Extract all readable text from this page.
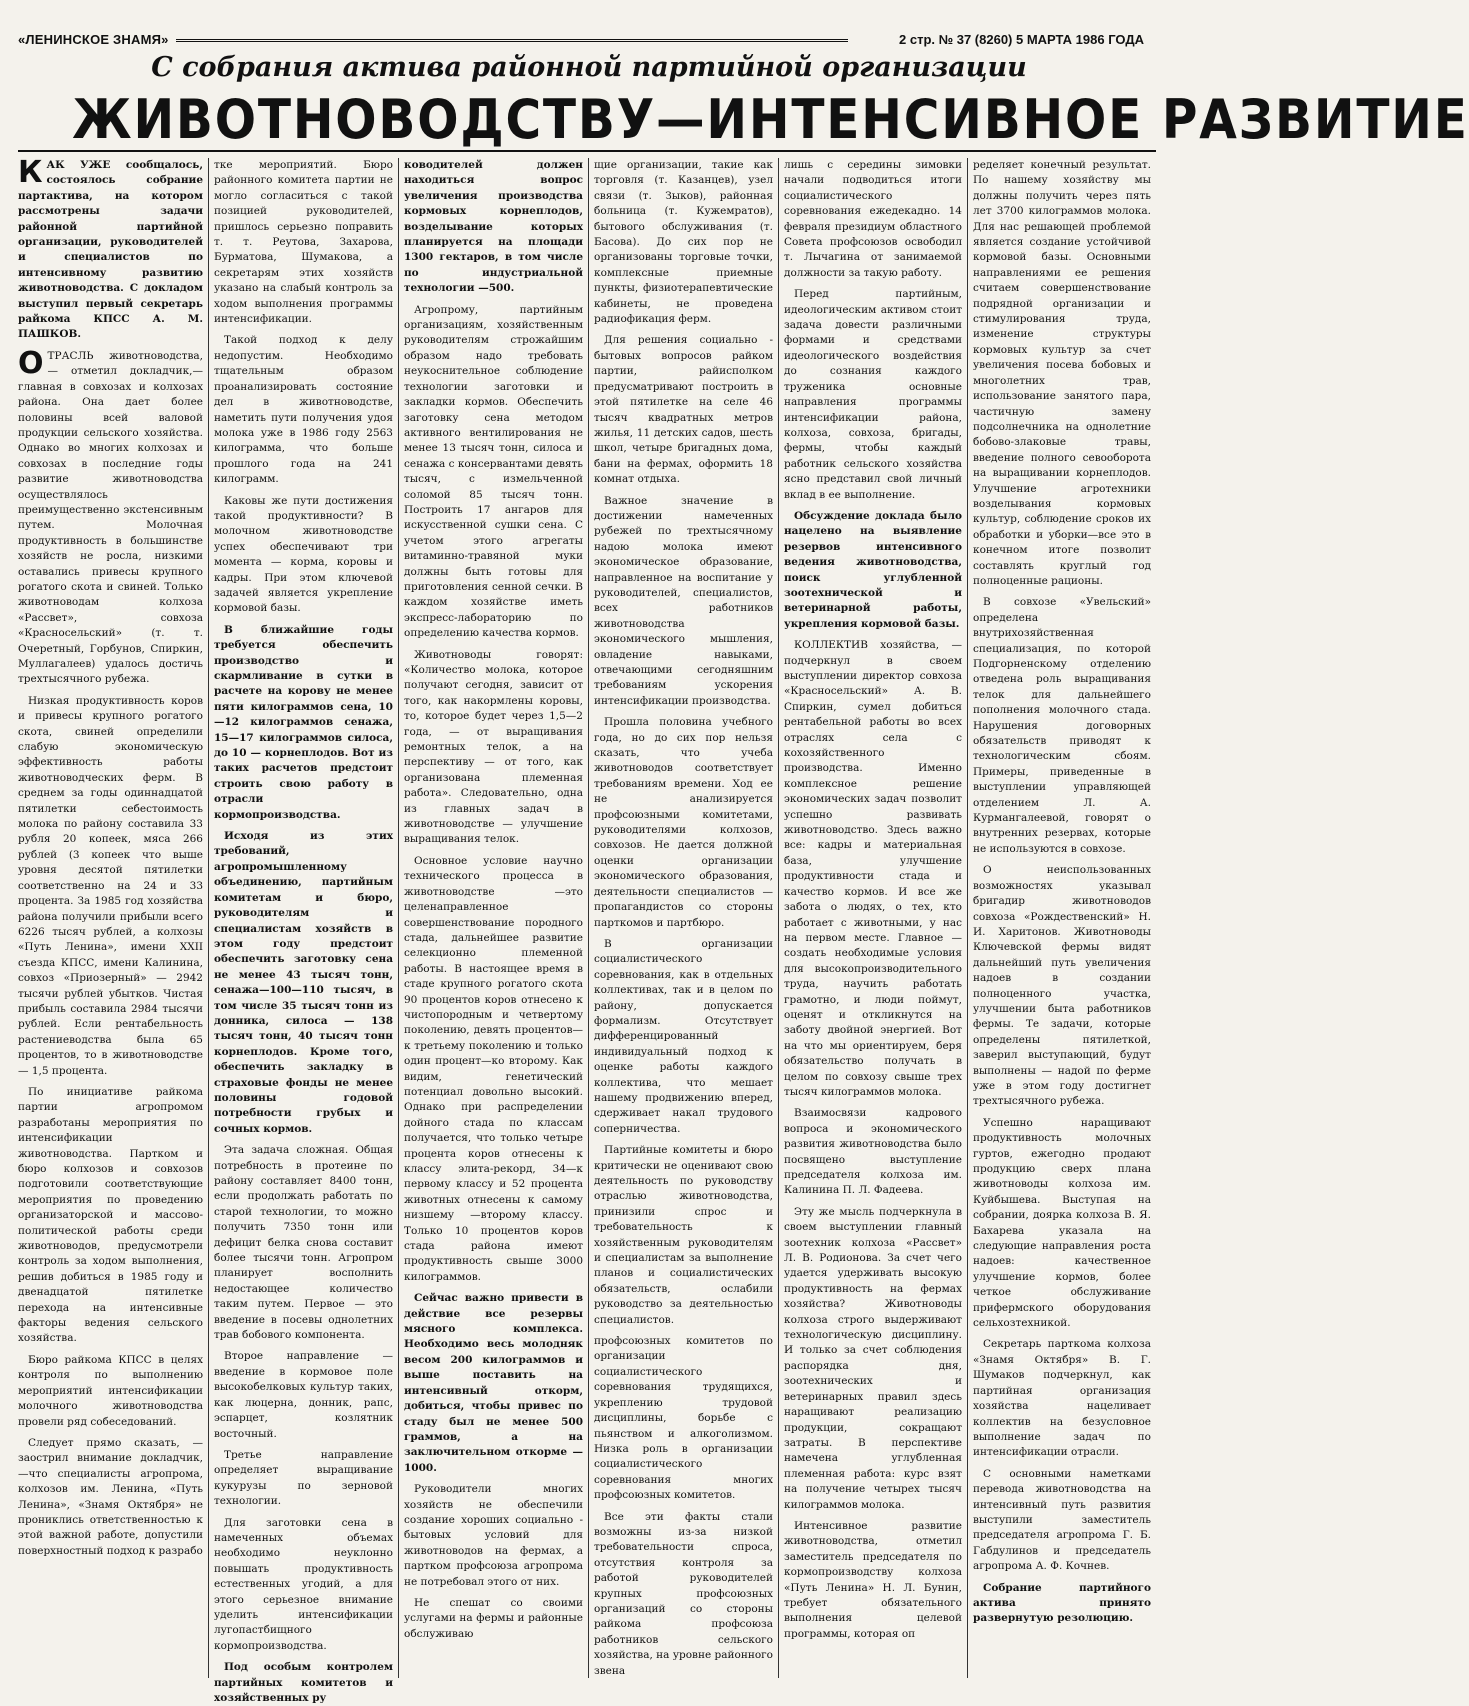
«ЛЕНИНСКОЕ ЗНАМЯ»	2 стр. № 37 (8260) 5 МАРТА 1986 ГОДА
С собрания актива районной партийной организации
ЖИВОТНОВОДСТВУ—ИНТЕНСИВНОЕ РАЗВИТИЕ

КАК УЖЕ сообщалось, состоялось собрание партактива, на котором рассмотрены задачи районной партийной организации, руководителей и специалистов по интенсивному развитию животноводства. С докладом выступил первый секретарь райкома КПСС А. М. ПАШКОВ.

ОТРАСЛЬ животноводства, — отметил докладчик,—главная в совхозах и колхозах района. Она дает более половины всей валовой продукции сельского хозяйства. Однако во многих колхозах и совхозах в последние годы развитие животноводства осуществлялось преимущественно экстенсивным путем. Молочная продуктивность в большинстве хозяйств не росла, низкими оставались привесы крупного рогатого скота и свиней. Только животноводам колхоза «Рассвет», совхоза «Красносельский» (т. т. Очеретный, Горбунов, Спиркин, Муллагалеев) удалось достичь трехтысячного рубежа.

Низкая продуктивность коров и привесы крупного рогатого скота, свиней определили слабую экономическую эффективность работы животноводческих ферм. В среднем за годы одиннадцатой пятилетки себестоимость молока по району составила 33 рубля 20 копеек, мяса 266 рублей (3 копеек что выше уровня десятой пятилетки соответственно на 24 и 33 процента. За 1985 год хозяйства района получили прибыли всего 6226 тысяч рублей, а колхозы «Путь Ленина», имени XXII съезда КПСС, имени Калинина, совхоз «Приозерный» — 2942 тысячи рублей убытков. Чистая прибыль составила 2984 тысячи рублей. Если рентабельность растениеводства была 65 процентов, то в животноводстве — 1,5 процента.

По инициативе райкома партии агропромом разработаны мероприятия по интенсификации животноводства. Партком и бюро колхозов и совхозов подготовили соответствующие мероприятия по проведению организаторской и массово-политической работы среди животноводов, предусмотрели контроль за ходом выполнения, решив добиться в 1985 году и двенадцатой пятилетке перехода на интенсивные факторы ведения сельского хозяйства.

Бюро райкома КПСС в целях контроля по выполнению мероприятий интенсификации молочного животноводства провели ряд собеседований.

Следует прямо сказать, — заострил внимание докладчик, —что специалисты агропрома, колхозов им. Ленина, «Путь Ленина», «Знамя Октября» не прониклись ответственностью к этой важной работе, допустили поверхностный подход к разрабо

тке мероприятий. Бюро районного комитета партии не могло согласиться с такой позицией руководителей, пришлось серьезно поправить т. т. Реутова, Захарова, Бурматова, Шумакова, а секретарям этих хозяйств указано на слабый контроль за ходом выполнения программы интенсификации.

Такой подход к делу недопустим. Необходимо тщательным образом проанализировать состояние дел в животноводстве, наметить пути получения удоя молока уже в 1986 году 2563 килограмма, что больше прошлого года на 241 килограмм.

Каковы же пути достижения такой продуктивности? В молочном животноводстве успех обеспечивают три момента — корма, коровы и кадры. При этом ключевой задачей является укрепление кормовой базы.

В ближайшие годы требуется обеспечить производство и скармливание в сутки в расчете на корову не менее пяти килограммов сена, 10—12 килограммов сенажа, 15—17 килограммов силоса, до 10 — корнеплодов. Вот из таких расчетов предстоит строить свою работу в отрасли кормопроизводства.

Исходя из этих требований, агропромышленному объединению, партийным комитетам и бюро, руководителям и специалистам хозяйств в этом году предстоит обеспечить заготовку сена не менее 43 тысяч тонн, сенажа—100—110 тысяч, в том числе 35 тысяч тонн из донника, силоса — 138 тысяч тонн, 40 тысяч тонн корнеплодов. Кроме того, обеспечить закладку в страховые фонды не менее половины годовой потребности грубых и сочных кормов.

Эта задача сложная. Общая потребность в протеине по району составляет 8400 тонн, если продолжать работать по старой технологии, то можно получить 7350 тонн или дефицит белка снова составит более тысячи тонн. Агропром планирует восполнить недостающее количество таким путем. Первое — это введение в посевы однолетних трав бобового компонента.

Второе направление — введение в кормовое поле высокобелковых культур таких, как люцерна, донник, рапс, эспарцет, козлятник восточный.

Третье направление определяет выращивание кукурузы по зерновой технологии.

Для заготовки сена в намеченных объемах необходимо неуклонно повышать продуктивность естественных угодий, а для этого серьезное внимание уделить интенсификации лугопастбищного кормопроизводства.

Под особым контролем партийных комитетов и хозяйственных ру

ководителей должен находиться вопрос увеличения производства кормовых корнеплодов, возделывание которых планируется на площади 1300 гектаров, в том числе по индустриальной технологии —500.

Агропрому, партийным организациям, хозяйственным руководителям строжайшим образом надо требовать неукоснительное соблюдение технологии заготовки и закладки кормов. Обеспечить заготовку сена методом активного вентилирования не менее 13 тысяч тонн, силоса и сенажа с консервантами девять тысяч, с измельченной соломой 85 тысяч тонн. Построить 17 ангаров для искусственной сушки сена. С учетом этого агрегаты витаминно-травяной муки должны быть готовы для приготовления сенной сечки. В каждом хозяйстве иметь экспресс-лабораторию по определению качества кормов.

Животноводы говорят: «Количество молока, которое получают сегодня, зависит от того, как накормлены коровы, то, которое будет через 1,5—2 года, — от выращивания ремонтных телок, а на перспективу — от того, как организована племенная работа». Следовательно, одна из главных задач в животноводстве — улучшение выращивания телок.

Основное условие научно технического процесса в животноводстве —это целенаправленное совершенствование породного стада, дальнейшее развитие селекционно племенной работы. В настоящее время в стаде крупного рогатого скота 90 процентов коров отнесено к чистопородным и четвертому поколению, девять процентов—к третьему поколению и только один процент—ко второму. Как видим, генетический потенциал довольно высокий. Однако при распределении дойного стада по классам получается, что только четыре процента коров отнесены к классу элита-рекорд, 34—к первому классу и 52 процента животных отнесены к самому низшему —второму классу. Только 10 процентов коров стада района имеют продуктивность свыше 3000 килограммов.

Сейчас важно привести в действие все резервы мясного комплекса. Необходимо весь молодняк весом 200 килограммов и выше поставить на интенсивный откорм, добиться, чтобы привес по стаду был не менее 500 граммов, а на заключительном откорме —1000.

Руководители многих хозяйств не обеспечили создание хороших социально - бытовых условий для животноводов на фермах, а партком профсоюза агропрома не потребовал этого от них.

Не спешат со своими услугами на фермы и районные обслуживаю

щие организации, такие как торговля (т. Казанцев), узел связи (т. Зыков), районная больница (т. Кужемратов), бытового обслуживания (т. Басова). До сих пор не организованы торговые точки, комплексные приемные пункты, физиотерапевтические кабинеты, не проведена радиофикация ферм.

Для решения социально - бытовых вопросов райком партии, райисполком предусматривают построить в этой пятилетке на селе 46 тысяч квадратных метров жилья, 11 детских садов, шесть школ, четыре бригадных дома, бани на фермах, оформить 18 комнат отдыха.

Важное значение в достижении намеченных рубежей по трехтысячному надою молока имеют экономическое образование, направленное на воспитание у руководителей, специалистов, всех работников животноводства экономического мышления, овладение навыками, отвечающими сегодняшним требованиям ускорения интенсификации производства.

Прошла половина учебного года, но до сих пор нельзя сказать, что учеба животноводов соответствует требованиям времени. Ход ее не анализируется профсоюзными комитетами, руководителями колхозов, совхозов. Не дается должной оценки организации экономического образования, деятельности специалистов — пропагандистов со стороны парткомов и партбюро.

В организации социалистического соревнования, как в отдельных коллективах, так и в целом по району, допускается формализм. Отсутствует дифференцированный индивидуальный подход к оценке работы каждого коллектива, что мешает нашему продвижению вперед, сдерживает накал трудового соперничества.

Партийные комитеты и бюро критически не оценивают свою деятельность по руководству отраслью животноводства, принизили спрос и требовательность к хозяйственным руководителям и специалистам за выполнение планов и социалистических обязательств, ослабили руководство за деятельностью специалистов.

профсоюзных комитетов по организации социалистического соревнования трудящихся, укреплению трудовой дисциплины, борьбе с пьянством и алкоголизмом. Низка роль в организации социалистического соревнования многих профсоюзных комитетов.

Все эти факты стали возможны из-за низкой требовательности спроса, отсутствия контроля за работой руководителей крупных профсоюзных организаций со стороны райкома профсоюза работников сельского хозяйства, на уровне районного звена

лишь с середины зимовки начали подводиться итоги социалистического соревнования ежедекадно. 14 февраля президиум областного Совета профсоюзов освободил т. Лычагина от занимаемой должности за такую работу.

Перед партийным, идеологическим активом стоит задача довести различными формами и средствами идеологического воздействия до сознания каждого труженика основные направления программы интенсификации района, колхоза, совхоза, бригады, фермы, чтобы каждый работник сельского хозяйства ясно представил свой личный вклад в ее выполнение.

Обсуждение доклада было нацелено на выявление резервов интенсивного ведения животноводства, поиск углубленной зоотехнической и ветеринарной работы, укрепления кормовой базы.

КОЛЛЕКТИВ хозяйства, — подчеркнул в своем выступлении директор совхоза «Красносельский» А. В. Спиркин, сумел добиться рентабельной работы во всех отраслях села с кохозяйственного производства. Именно комплексное решение экономических задач позволит успешно развивать животноводство. Здесь важно все: кадры и материальная база, улучшение продуктивности стада и качество кормов. И все же забота о людях, о тех, кто работает с животными, у нас на первом месте. Главное — создать необходимые условия для высокопроизводительного труда, научить работать грамотно, и люди поймут, оценят и откликнутся на заботу двойной энергией. Вот на что мы ориентируем, беря обязательство получать в целом по совхозу свыше трех тысяч килограммов молока.

Взаимосвязи кадрового вопроса и экономического развития животноводства было посвящено выступление председателя колхоза им. Калинина П. Л. Фадеева.

Эту же мысль подчеркнула в своем выступлении главный зоотехник колхоза «Рассвет» Л. В. Родионова. За счет чего удается удерживать высокую продуктивность на фермах хозяйства? Животноводы колхоза строго выдерживают технологическую дисциплину. И только за счет соблюдения распорядка дня, зоотехнических и ветеринарных правил здесь наращивают реализацию продукции, сокращают затраты. В перспективе намечена углубленная племенная работа: курс взят на получение четырех тысяч килограммов молока.

Интенсивное развитие животноводства, отметил заместитель председателя по кормопроизводству колхоза «Путь Ленина» Н. Л. Бунин, требует обязательного выполнения целевой программы, которая оп

ределяет конечный результат. По нашему хозяйству мы должны получить через пять лет 3700 килограммов молока. Для нас решающей проблемой является создание устойчивой кормовой базы. Основными направлениями ее решения считаем совершенствование подрядной организации и стимулирования труда, изменение структуры кормовых культур за счет увеличения посева бобовых и многолетних трав, использование занятого пара, частичную замену подсолнечника на однолетние бобово-злаковые травы, введение полного севооборота на выращивании корнеплодов. Улучшение агротехники возделывания кормовых культур, соблюдение сроков их обработки и уборки—все это в конечном итоге позволит составлять круглый год полноценные рационы.

В совхозе «Увельский» определена внутрихозяйственная специализация, по которой Подгорненскому отделению отведена роль выращивания телок для дальнейшего пополнения молочного стада. Нарушения договорных обязательств приводят к технологическим сбоям. Примеры, приведенные в выступлении управляющей отделением Л. А. Курмангалеевой, говорят о внутренних резервах, которые не используются в совхозе.

О неиспользованных возможностях указывал бригадир животноводов совхоза «Рождественский» Н. И. Харитонов. Животноводы Ключевской фермы видят дальнейший путь увеличения надоев в создании полноценного участка, улучшении быта работников фермы. Те задачи, которые определены пятилеткой, заверил выступающий, будут выполнены — надой по ферме уже в этом году достигнет трехтысячного рубежа.

Успешно наращивают продуктивность молочных гуртов, ежегодно продают продукцию сверх плана животноводы колхоза им. Куйбышева. Выступая на собрании, доярка колхоза В. Я. Бахарева указала на следующие направления роста надоев: качественное улучшение кормов, более четкое обслуживание прифермского оборудования сельхозтехникой.

Секретарь парткома колхоза «Знамя Октября» В. Г. Шумаков подчеркнул, как партийная организация хозяйства нацеливает коллектив на безусловное выполнение задач по интенсификации отрасли.

С основными наметками перевода животноводства на интенсивный путь развития выступили заместитель председателя агропрома Г. Б. Габдулинов и председатель агропрома А. Ф. Кочнев.

Собрание партийного актива принято развернутую резолюцию.
